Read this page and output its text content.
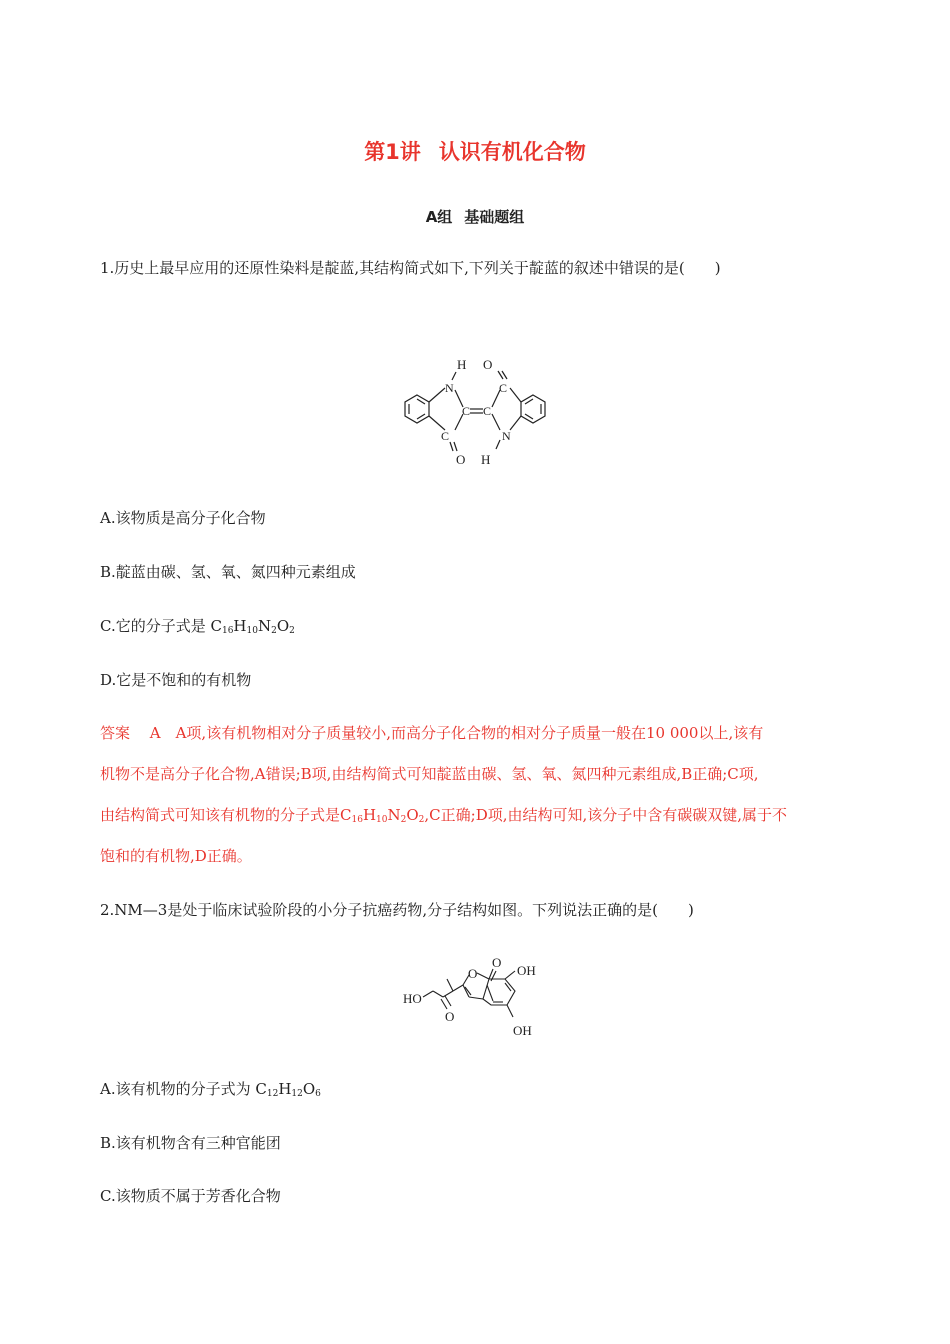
第1讲 认识有机化合物
A组 基础题组
1.历史上最早应用的还原性染料是靛蓝,其结构简式如下,下列关于靛蓝的叙述中错误的是(　　)
H
N
O
C
C C
C	N
O H
A.该物质是高分子化合物
B.靛蓝由碳、氢、氧、氮四种元素组成
C.它的分子式是 $C_{16}H_{10}N_2O_2$
D.它是不饱和的有机物
答案　 A　A项,该有机物相对分子质量较小,而高分子化合物的相对分子质量一般在10 000以上,该有
机物不是高分子化合物,A错误;B项,由结构简式可知靛蓝由碳、氢、氧、氮四种元素组成,B正确;C项,
由结构简式可知该有机物的分子式是$C_{16}H_{10}N_2O_2,C$正确;D项,由结构可知,该分子中含有碳碳双键,属于不
饱和的有机物,D正确。
2.NM—3是处于临床试验阶段的小分子抗癌药物,分子结构如图。下列说法正确的是(　　)
HO
O
O
O
OH
OH
A.该有机物的分子式为 $C_{12}H_{12}O_6$
B.该有机物含有三种官能团
C.该物质不属于芳香化合物
